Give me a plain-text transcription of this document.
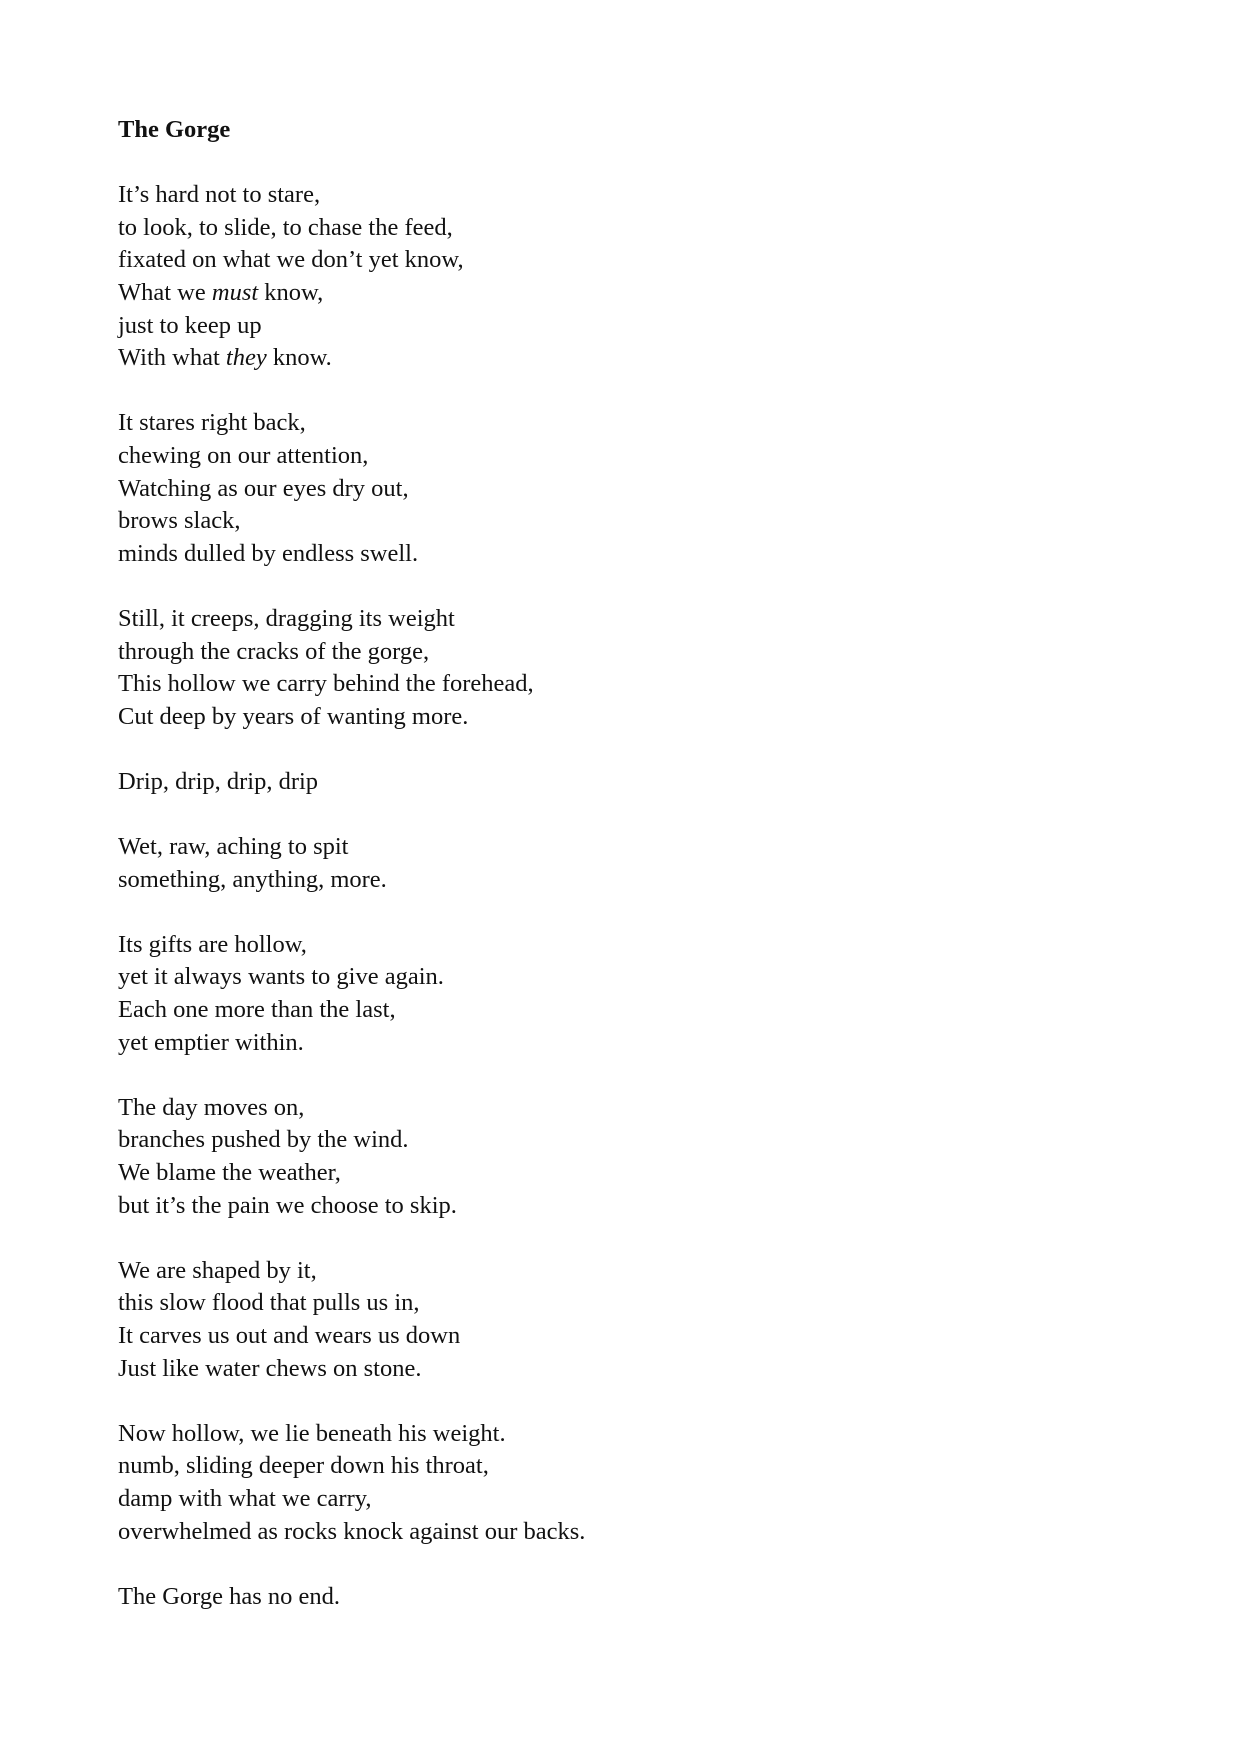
The Gorge
It’s hard not to stare,
to look, to slide, to chase the feed,
fixated on what we don’t yet know,
What we must know,
just to keep up
With what they know.
It stares right back,
chewing on our attention,
Watching as our eyes dry out,
brows slack,
minds dulled by endless swell.
Still, it creeps, dragging its weight
through the cracks of the gorge,
This hollow we carry behind the forehead,
Cut deep by years of wanting more.
Drip, drip, drip, drip
Wet, raw, aching to spit
something, anything, more.
Its gifts are hollow,
yet it always wants to give again.
Each one more than the last,
yet emptier within.
The day moves on,
branches pushed by the wind.
We blame the weather,
but it’s the pain we choose to skip.
We are shaped by it,
this slow flood that pulls us in,
It carves us out and wears us down
Just like water chews on stone.
Now hollow, we lie beneath his weight.
numb, sliding deeper down his throat,
damp with what we carry,
overwhelmed as rocks knock against our backs.
The Gorge has no end.
